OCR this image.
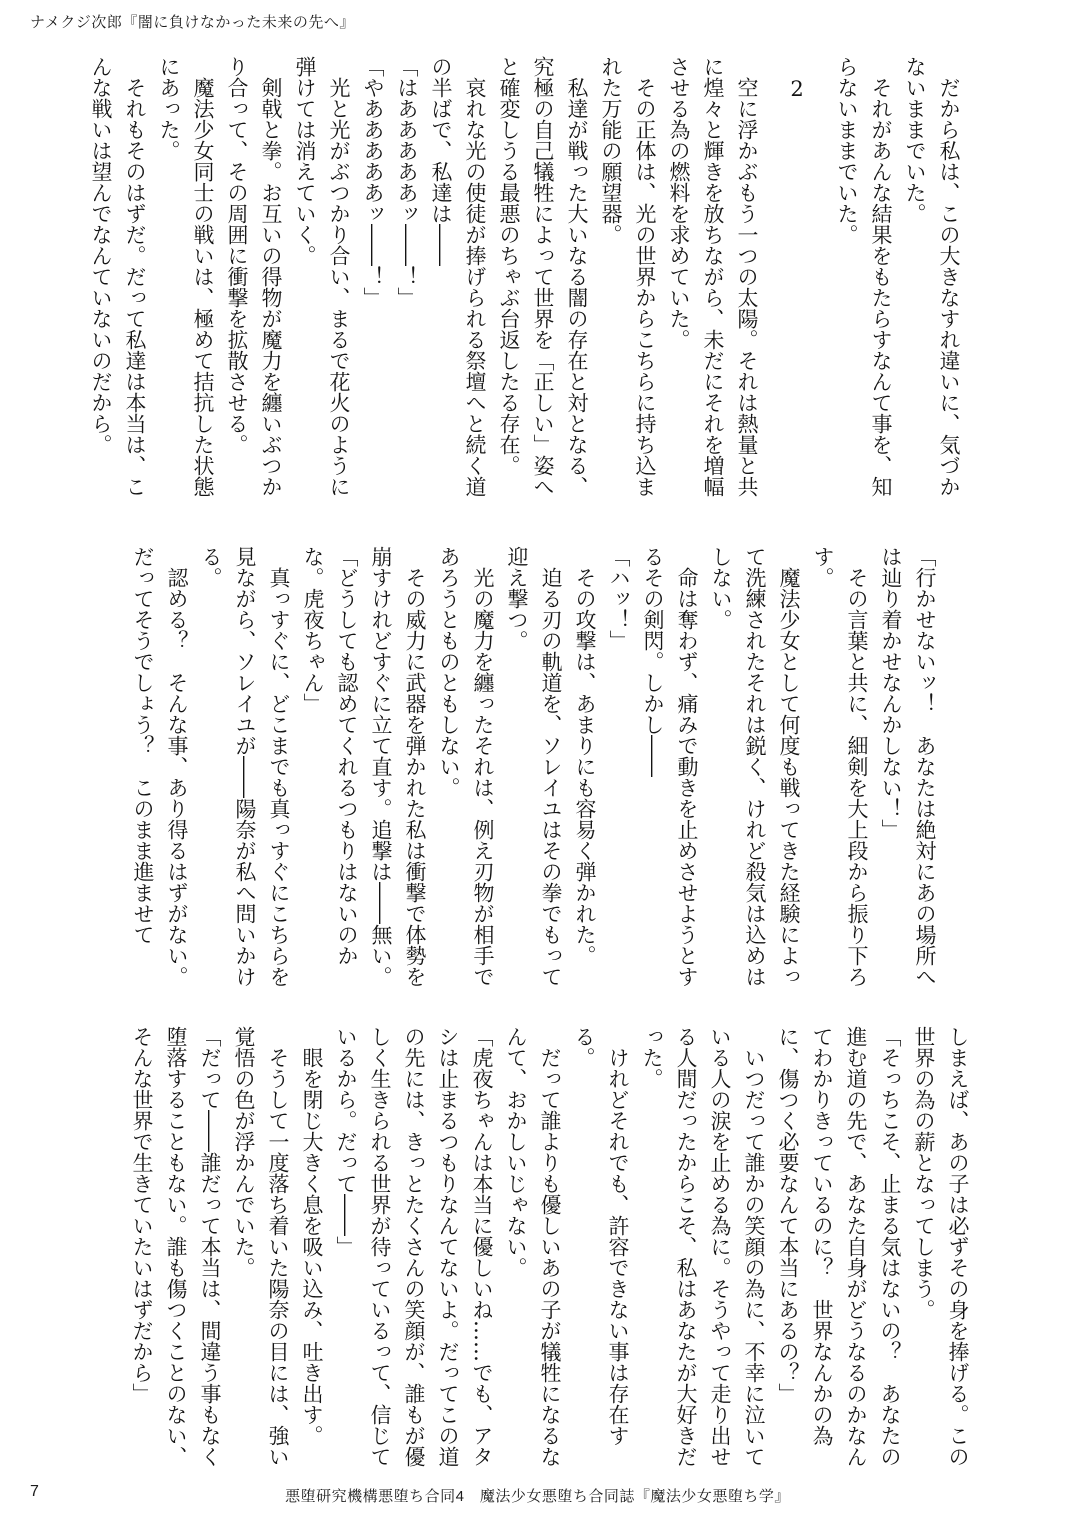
ナメクジ次郎『闇に負けなかった未来の先へ』

だから私は、この大きなすれ違いに、気づかないままでいた。

それがあんな結果をもたらすなんて事を、知らないままでいた。

2

空に浮かぶもう一つの太陽。それは熱量と共に煌々と輝きを放ちながら、未だにそれを増幅させる為の燃料を求めていた。

その正体は、光の世界からこちらに持ち込まれた万能の願望器。

私達が戦った大いなる闇の存在と対となる、究極の自己犠牲によって世界を「正しい」姿へと確変しうる最悪のちゃぶ台返したる存在。

哀れな光の使徒が捧げられる祭壇へと続く道の半ばで、私達は――

「はあああああッ――！」

「やあああああッ――！」

光と光がぶつかり合い、まるで花火のように弾けては消えていく。

剣戟と拳。お互いの得物が魔力を纏いぶつかり合って、その周囲に衝撃を拡散させる。

魔法少女同士の戦いは、極めて拮抗した状態にあった。

それもそのはずだ。だって私達は本当は、こんな戦いは望んでなんていないのだから。

「行かせないッ！　あなたは絶対にあの場所へは辿り着かせなんかしない！」

その言葉と共に、細剣を大上段から振り下ろす。

魔法少女として何度も戦ってきた経験によって洗練されたそれは鋭く、けれど殺気は込めはしない。

命は奪わず、痛みで動きを止めさせようとするその剣閃。しかし――

「ハッ！」

その攻撃は、あまりにも容易く弾かれた。

迫る刃の軌道を、ソレイユはその拳でもって迎え撃つ。

光の魔力を纏ったそれは、例え刃物が相手であろうとものともしない。

その威力に武器を弾かれた私は衝撃で体勢を崩すけれどすぐに立て直す。追撃は――無い。

「どうしても認めてくれるつもりはないのかな。虎夜ちゃん」

真っすぐに、どこまでも真っすぐにこちらを見ながら、ソレイユが――陽奈が私へ問いかける。

認める？　そんな事、あり得るはずがない。だってそうでしょう？　このまま進ませて

しまえば、あの子は必ずその身を捧げる。この世界の為の薪となってしまう。

「そっちこそ、止まる気はないの？　あなたの進む道の先で、あなた自身がどうなるのかなんてわかりきっているのに？　世界なんかの為に、傷つく必要なんて本当にあるの？」

いつだって誰かの笑顔の為に、不幸に泣いている人の涙を止める為に。そうやって走り出せる人間だったからこそ、私はあなたが大好きだった。

けれどそれでも、許容できない事は存在する。

だって誰よりも優しいあの子が犠牲になるなんて、おかしいじゃない。

「虎夜ちゃんは本当に優しいね……でも、アタシは止まるつもりなんてないよ。だってこの道の先には、きっとたくさんの笑顔が、誰もが優しく生きられる世界が待っているって、信じているから。だって――」

眼を閉じ大きく息を吸い込み、吐き出す。

そうして一度落ち着いた陽奈の目には、強い覚悟の色が浮かんでいた。

「だって――誰だって本当は、間違う事もなく堕落することもない。誰も傷つくことのない、そんな世界で生きていたいはずだから」

7	悪堕研究機構悪堕ち合同4　魔法少女悪堕ち合同誌『魔法少女悪堕ち学』
